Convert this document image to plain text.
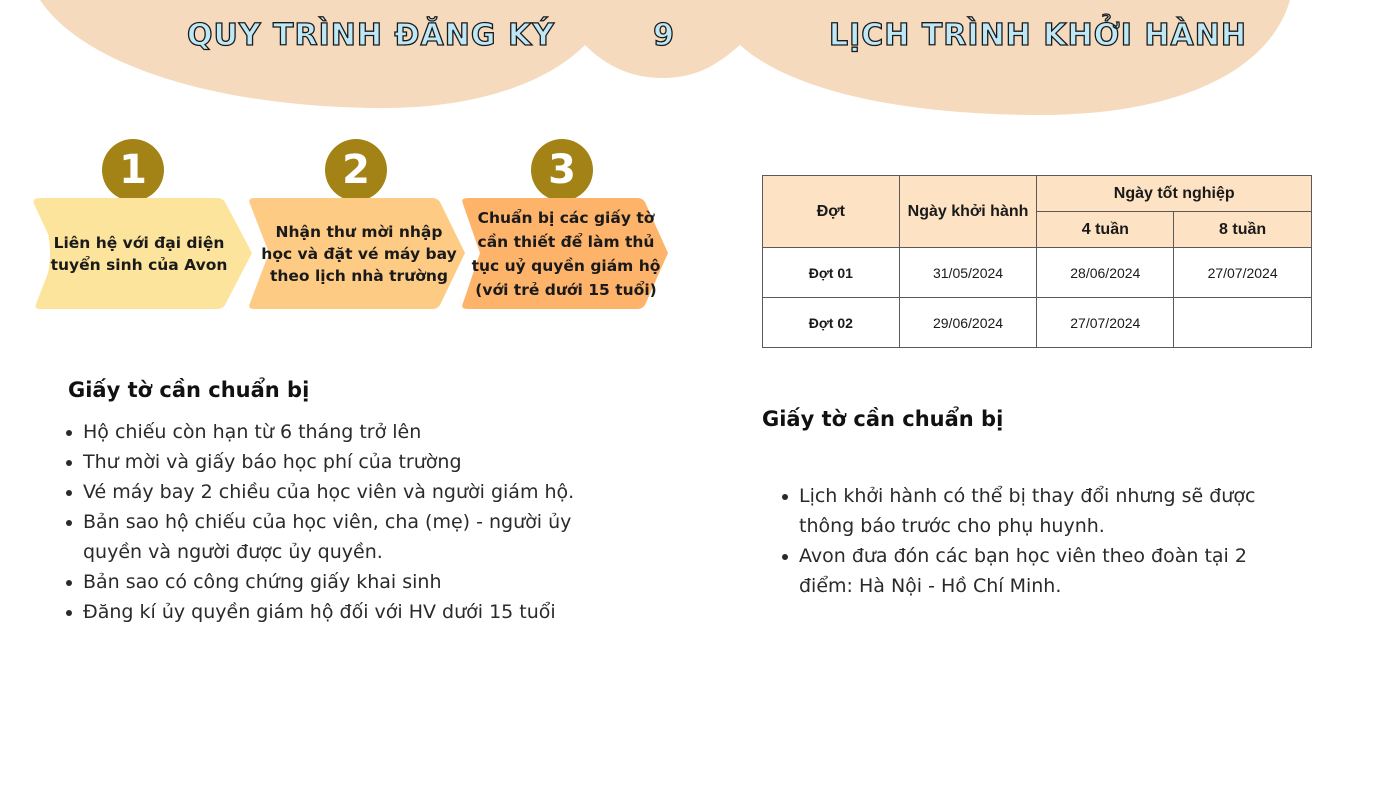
QUY TRÌNH ĐĂNG KÝ	9	LỊCH TRÌNH KHỞI HÀNH
1	2	3
Liên hệ với đại diện tuyển sinh của Avon
Nhận thư mời nhập học và đặt vé máy bay theo lịch nhà trường
Chuẩn bị các giấy tờ cần thiết để làm thủ tục uỷ quyền giám hộ (với trẻ dưới 15 tuổi)
Đợt	Ngày khởi hành	Ngày tốt nghiệp	
		4 tuần	8 tuần
Đợt 01	31/05/2024	28/06/2024	27/07/2024
Đợt 02	29/06/2024	27/07/2024	
Giấy tờ cần chuẩn bị
Hộ chiếu còn hạn từ 6 tháng trở lên
Thư mời và giấy báo học phí của trường
Vé máy bay 2 chiều của học viên và người giám hộ.
Bản sao hộ chiếu của học viên, cha (mẹ) - người ủy quyền và người được ủy quyền.
Bản sao có công chứng giấy khai sinh
Đăng kí ủy quyền giám hộ đối với HV dưới 15 tuổi
Giấy tờ cần chuẩn bị
Lịch khởi hành có thể bị thay đổi nhưng sẽ được thông báo trước cho phụ huynh.
Avon đưa đón các bạn học viên theo đoàn tại 2 điểm: Hà Nội - Hồ Chí Minh.
